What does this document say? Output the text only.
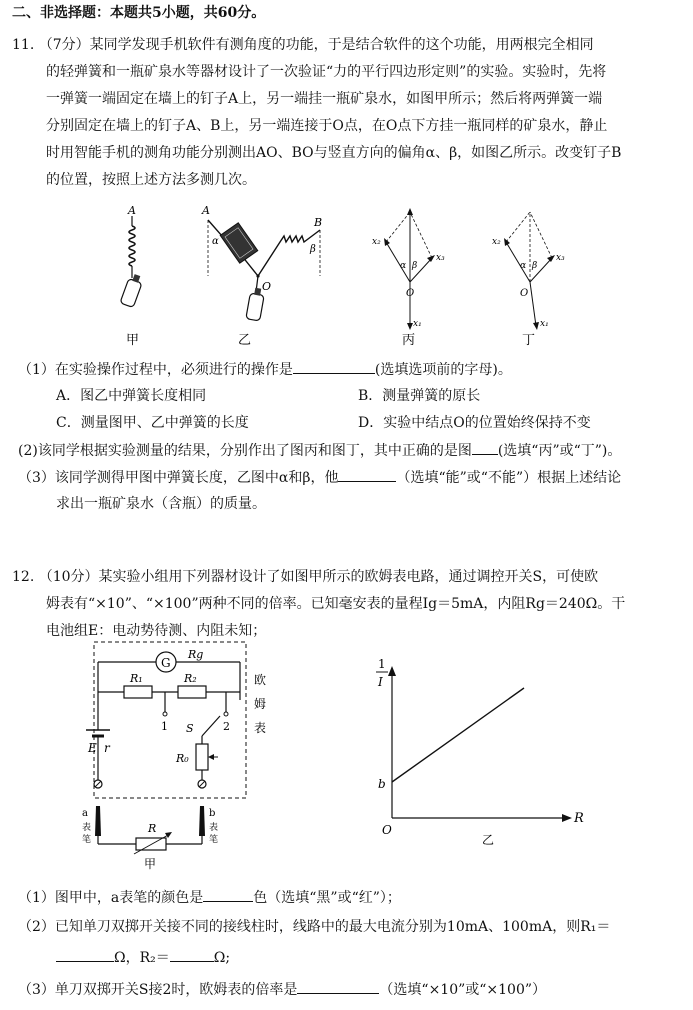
二、非选择题：本题共5小题，共60分。
11. （7分）某同学发现手机软件有测角度的功能，于是结合软件的这个功能，用两根完全相同
的轻弹簧和一瓶矿泉水等器材设计了一次验证“力的平行四边形定则”的实验。实验时，先将
一弹簧一端固定在墙上的钉子A上，另一端挂一瓶矿泉水，如图甲所示；然后将两弹簧一端
分别固定在墙上的钉子A、B上，另一端连接于O点，在O点下方挂一瓶同样的矿泉水，静止
时用智能手机的测角功能分别测出AO、BO与竖直方向的偏角α、β，如图乙所示。改变钉子B
的位置，按照上述方法多测几次。
A
甲
A
B
α
β
O
乙
x₂
x₃
α β
O
x₁
丙
x₂
x₃
α β
O
x₁
丁
（1）在实验操作过程中，必须进行的操作是	(选填选项前的字母)。
A．图乙中弹簧长度相同	B．测量弹簧的原长
C．测量图甲、乙中弹簧的长度	D．实验中结点O的位置始终保持不变
(2)该同学根据实验测量的结果，分别作出了图丙和图丁，其中正确的是图 (选填“丙”或“丁”)。
（3）该同学测得甲图中弹簧长度，乙图中α和β，他	（选填“能”或“不能”）根据上述结论
求出一瓶矿泉水（含瓶）的质量。
12. （10分）某实验小组用下列器材设计了如图甲所示的欧姆表电路，通过调控开关S，可使欧
姆表有“×10”、“×100”两种不同的倍率。已知毫安表的量程Ig＝5mA，内阻Rg＝240Ω。干
电池组E：电动势待测、内阻未知；
G
Rg
R₁	R₂
1	2
S
R₀
E r
欧
姆
表
a
表
笔
b
表
笔
R
甲
1
I
R
O
b
乙
（1）图甲中，a表笔的颜色是	色（选填“黑”或“红”）；
（2）已知单刀双掷开关接不同的接线柱时，线路中的最大电流分别为10mA、100mA，则R₁＝
Ω，R₂＝	Ω;
（3）单刀双掷开关S接2时，欧姆表的倍率是	（选填“×10”或“×100”）
